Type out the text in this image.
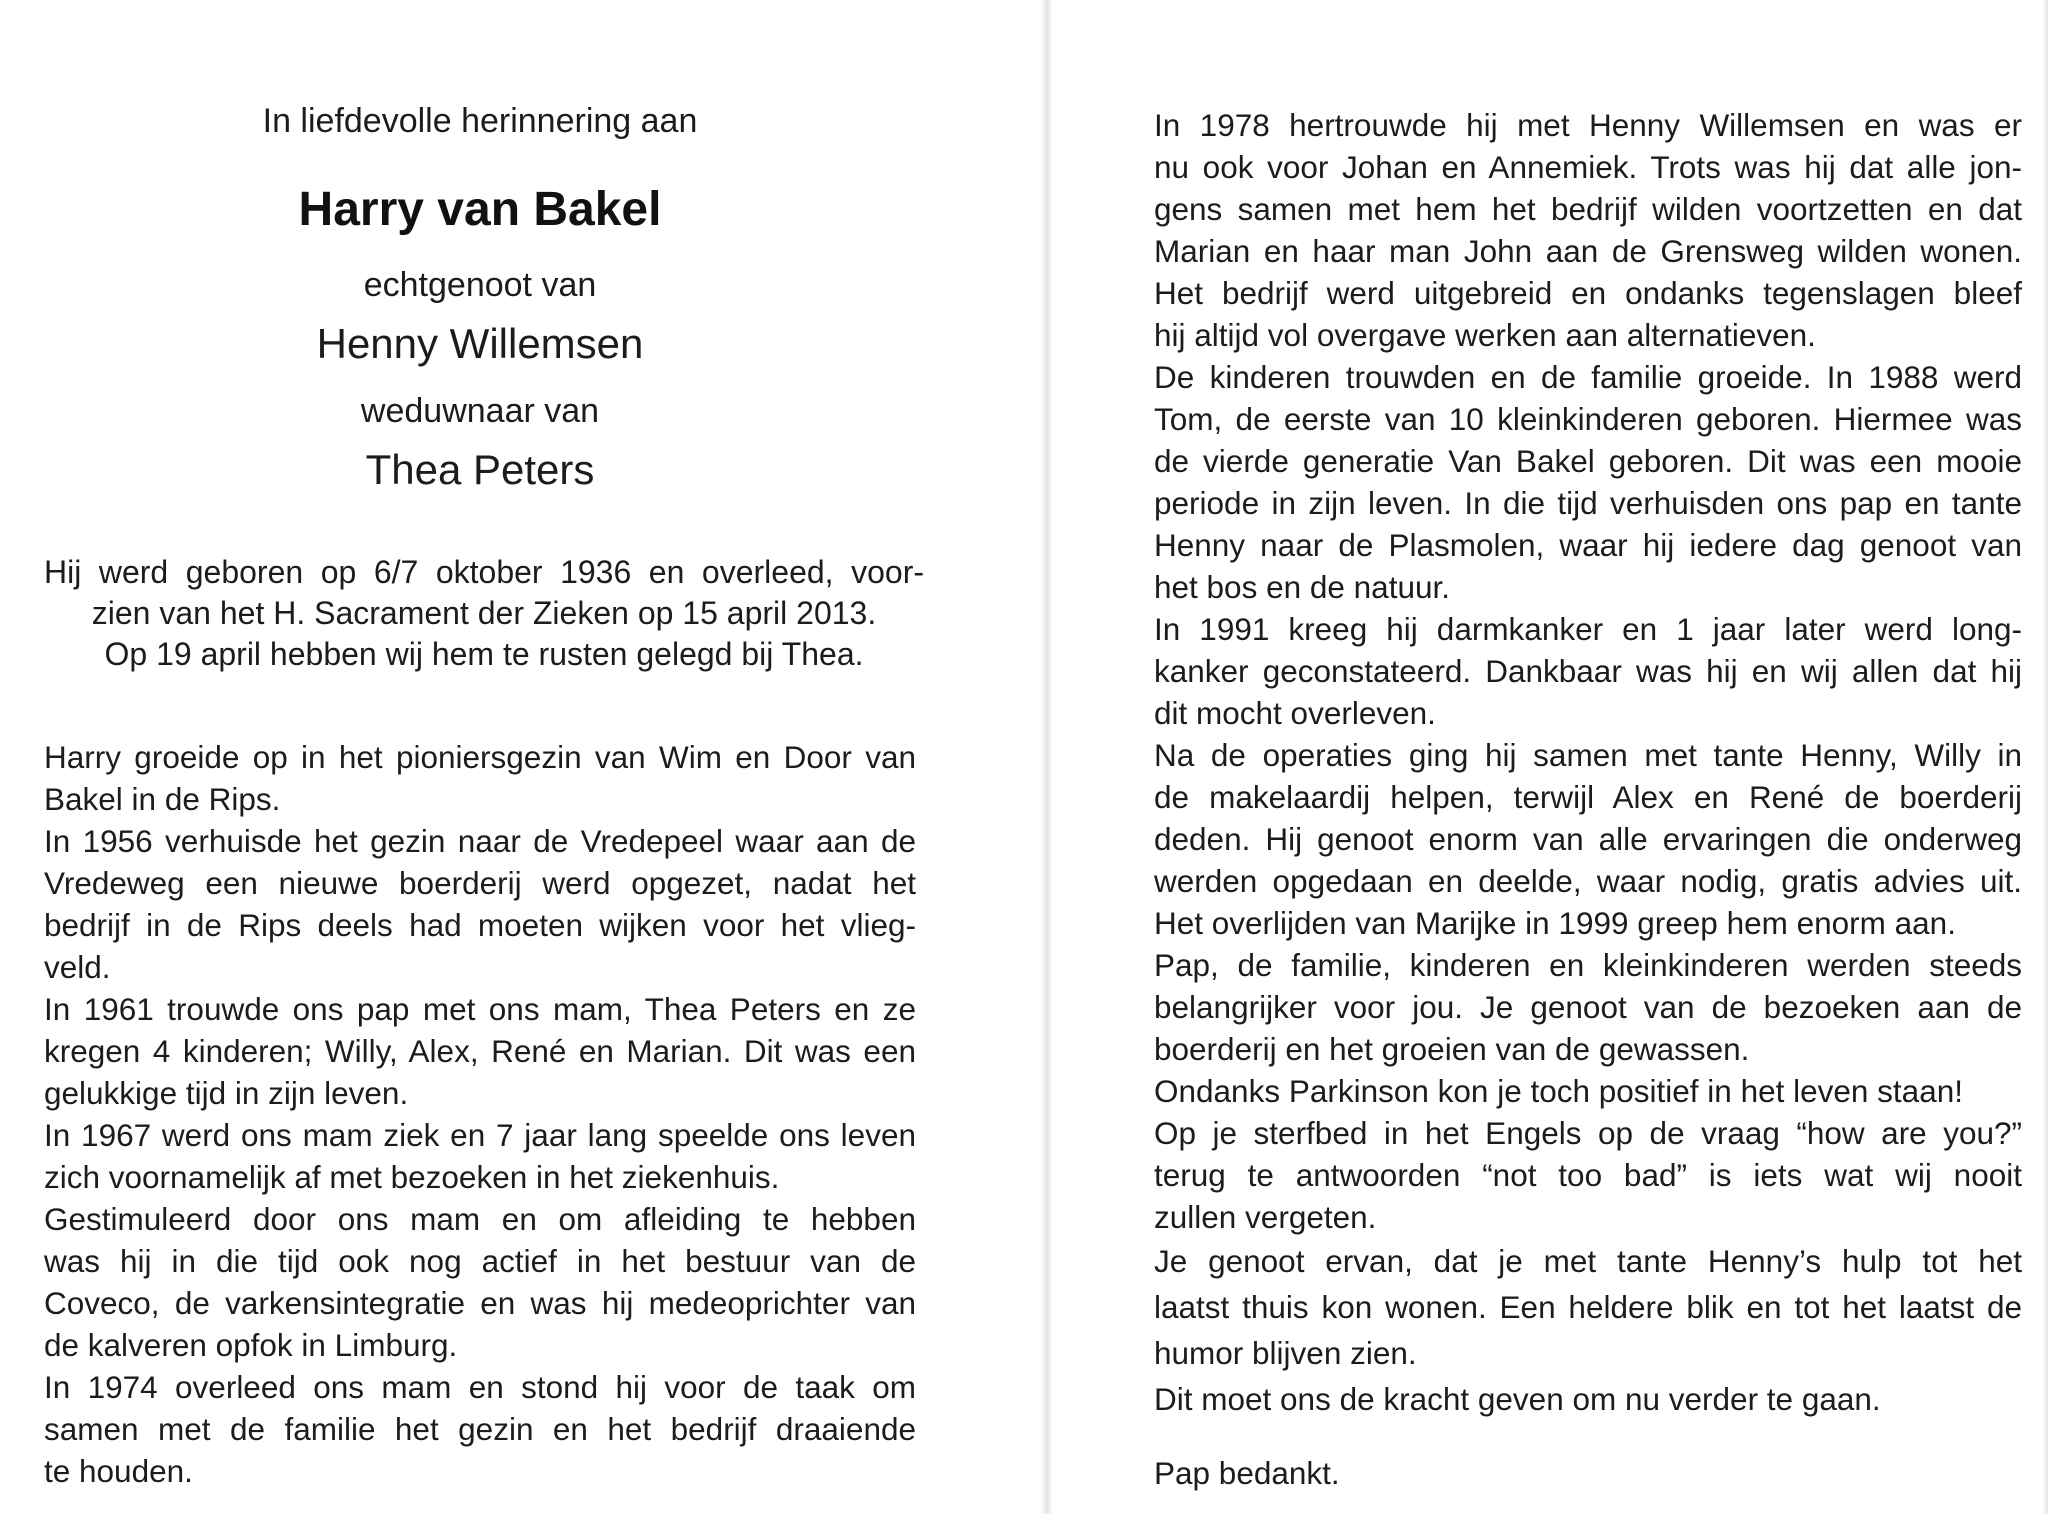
In liefdevolle herinnering aan

Harry van Bakel

echtgenoot van

Henny Willemsen

weduwnaar van

Thea Peters

Hij werd geboren op 6/7 oktober 1936 en overleed, voor-

zien van het H. Sacrament der Zieken op 15 april 2013.

Op 19 april hebben wij hem te rusten gelegd bij Thea.

Harry groeide op in het pioniersgezin van Wim en Door van

Bakel in de Rips.

In 1956 verhuisde het gezin naar de Vredepeel waar aan de

Vredeweg een nieuwe boerderij werd opgezet, nadat het

bedrijf in de Rips deels had moeten wijken voor het vlieg-

veld.

In 1961 trouwde ons pap met ons mam, Thea Peters en ze

kregen 4 kinderen; Willy, Alex, René en Marian. Dit was een

gelukkige tijd in zijn leven.

In 1967 werd ons mam ziek en 7 jaar lang speelde ons leven

zich voornamelijk af met bezoeken in het ziekenhuis.

Gestimuleerd door ons mam en om afleiding te hebben

was hij in die tijd ook nog actief in het bestuur van de

Coveco, de varkensintegratie en was hij medeoprichter van

de kalveren opfok in Limburg.

In 1974 overleed ons mam en stond hij voor de taak om

samen met de familie het gezin en het bedrijf draaiende

te houden.

In 1978 hertrouwde hij met Henny Willemsen en was er

nu ook voor Johan en Annemiek. Trots was hij dat alle jon-

gens samen met hem het bedrijf wilden voortzetten en dat

Marian en haar man John aan de Grensweg wilden wonen.

Het bedrijf werd uitgebreid en ondanks tegenslagen bleef

hij altijd vol overgave werken aan alternatieven.

De kinderen trouwden en de familie groeide. In 1988 werd

Tom, de eerste van 10 kleinkinderen geboren. Hiermee was

de vierde generatie Van Bakel geboren. Dit was een mooie

periode in zijn leven. In die tijd verhuisden ons pap en tante

Henny naar de Plasmolen, waar hij iedere dag genoot van

het bos en de natuur.

In 1991 kreeg hij darmkanker en 1 jaar later werd long-

kanker geconstateerd. Dankbaar was hij en wij allen dat hij

dit mocht overleven.

Na de operaties ging hij samen met tante Henny, Willy in

de makelaardij helpen, terwijl Alex en René de boerderij

deden. Hij genoot enorm van alle ervaringen die onderweg

werden opgedaan en deelde, waar nodig, gratis advies uit.

Het overlijden van Marijke in 1999 greep hem enorm aan.

Pap, de familie, kinderen en kleinkinderen werden steeds

belangrijker voor jou. Je genoot van de bezoeken aan de

boerderij en het groeien van de gewassen.

Ondanks Parkinson kon je toch positief in het leven staan!

Op je sterfbed in het Engels op de vraag “how are you?”

terug te antwoorden “not too bad” is iets wat wij nooit

zullen vergeten.

Je genoot ervan, dat je met tante Henny’s hulp tot het

laatst thuis kon wonen. Een heldere blik en tot het laatst de

humor blijven zien.

Dit moet ons de kracht geven om nu verder te gaan.

Pap bedankt.
